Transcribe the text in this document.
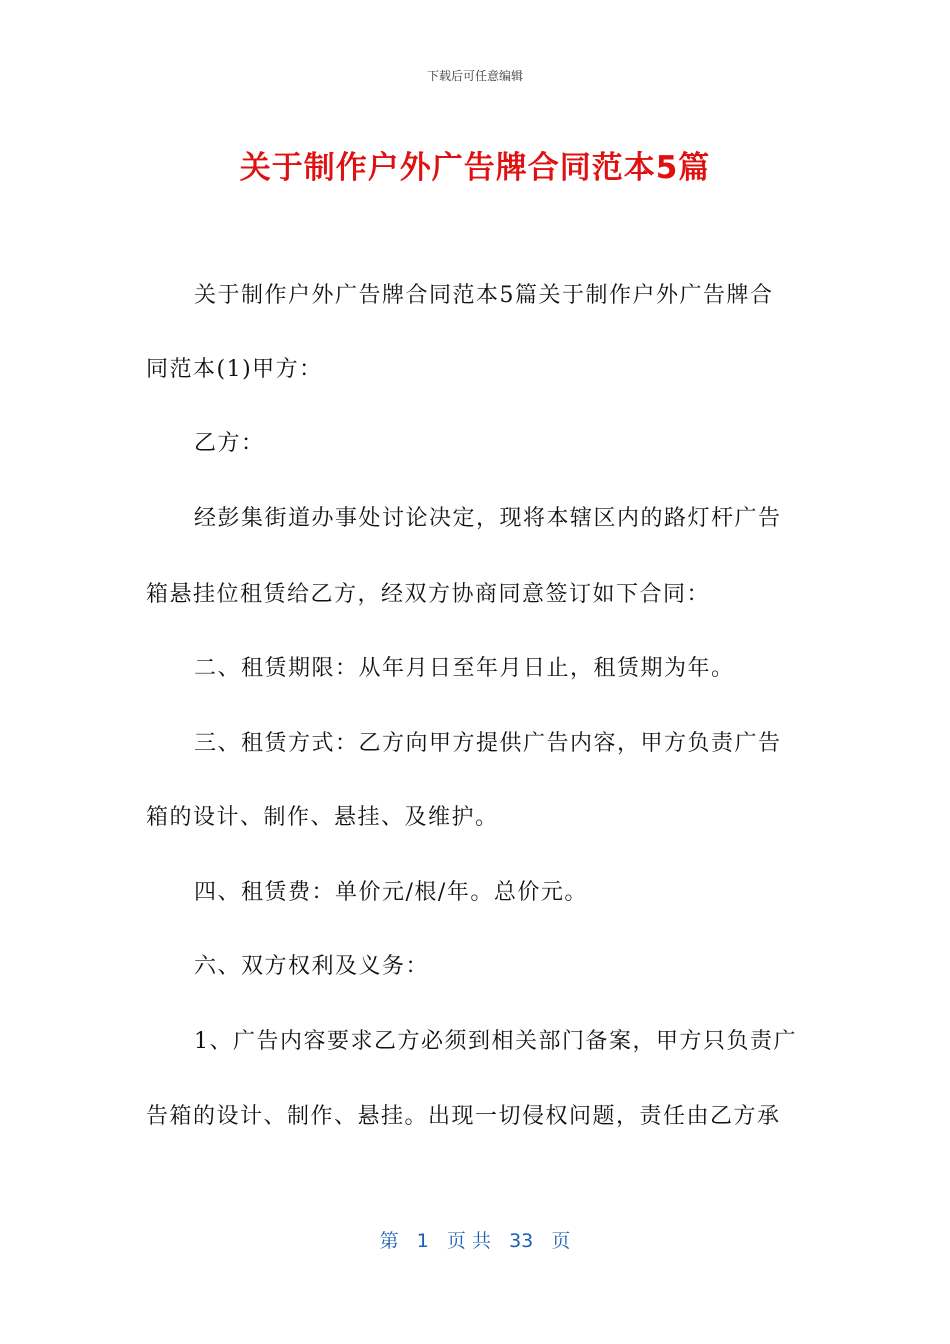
下载后可任意编辑
关于制作户外广告牌合同范本5篇
关于制作户外广告牌合同范本5篇关于制作户外广告牌合
同范本(1)甲方：
乙方：
经彭集街道办事处讨论决定，现将本辖区内的路灯杆广告
箱悬挂位租赁给乙方，经双方协商同意签订如下合同：
二、租赁期限：从年月日至年月日止，租赁期为年。
三、租赁方式：乙方向甲方提供广告内容，甲方负责广告
箱的设计、制作、悬挂、及维护。
四、租赁费：单价元/根/年。总价元。
六、双方权利及义务：
1、广告内容要求乙方必须到相关部门备案，甲方只负责广
告箱的设计、制作、悬挂。出现一切侵权问题，责任由乙方承
第 1 页 共 33 页
